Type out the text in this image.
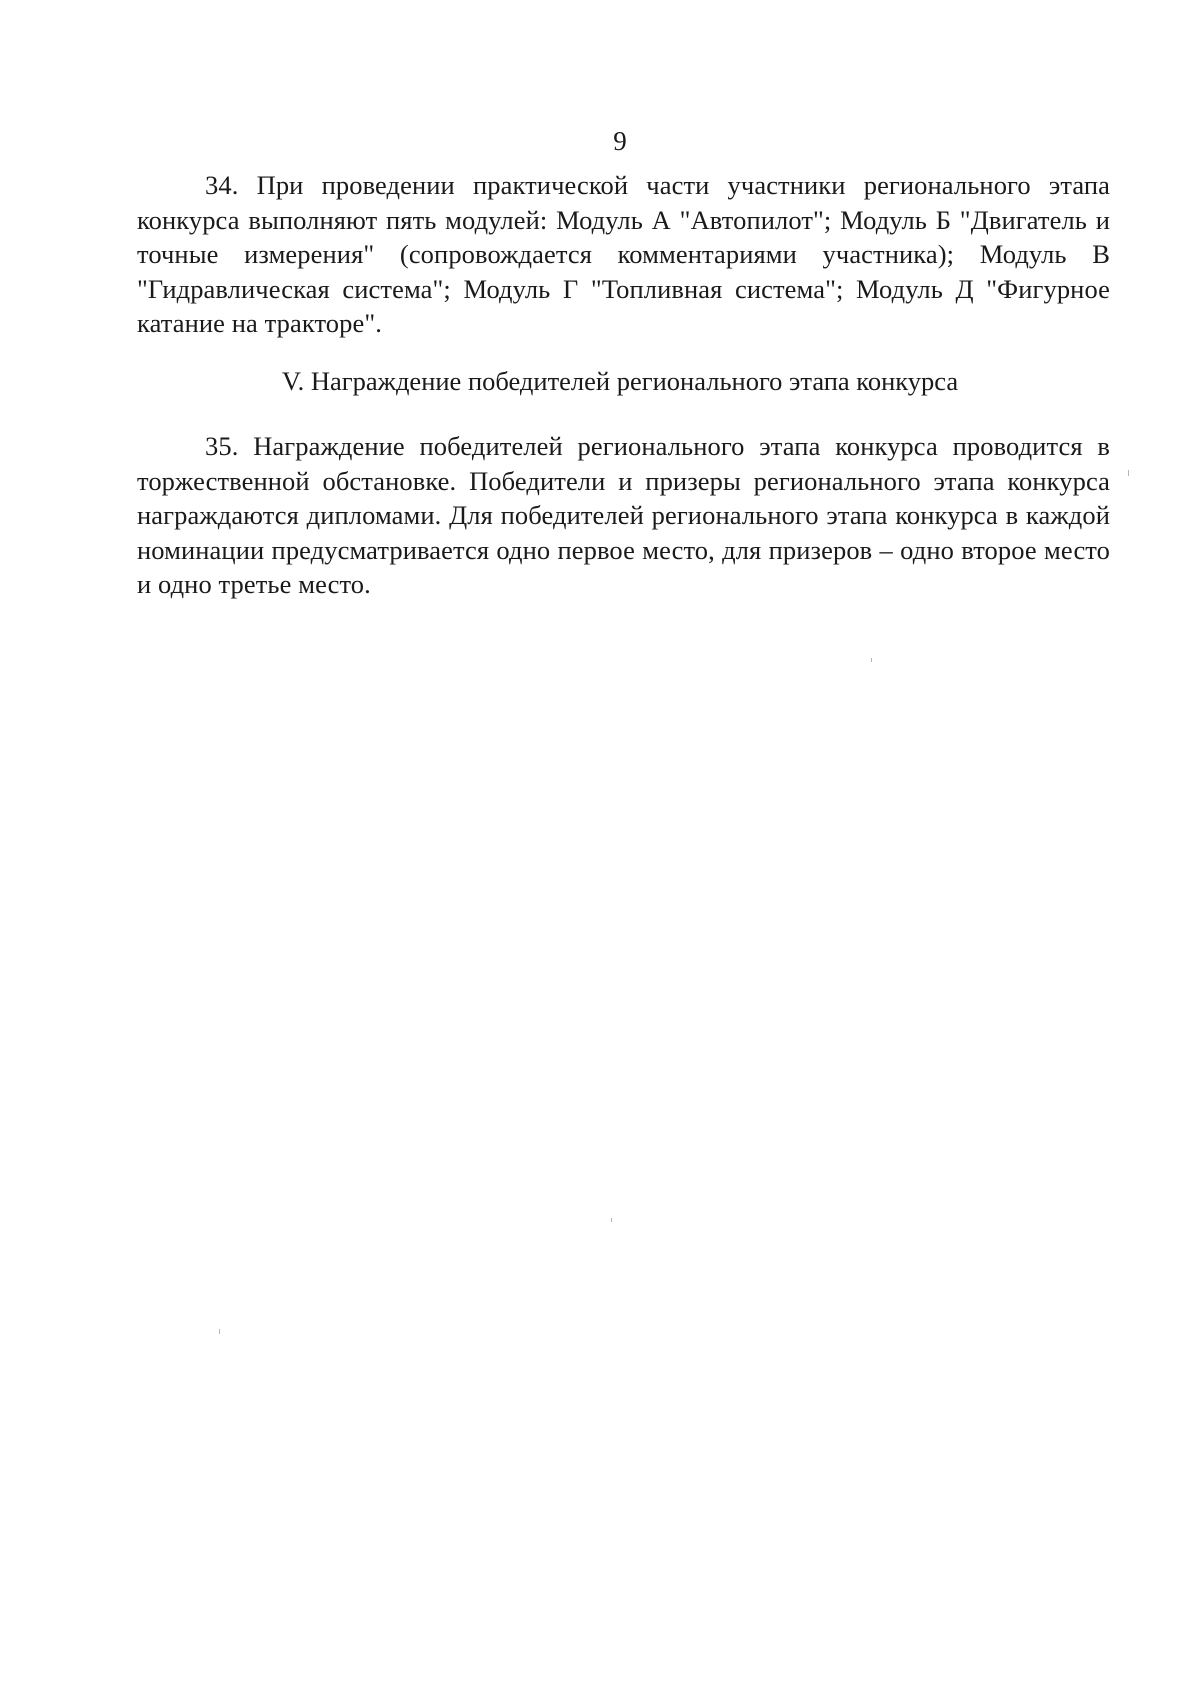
9

34. При проведении практической части участники регионального этапа конкурса выполняют пять модулей: Модуль А "Автопилот"; Модуль Б "Двигатель и точные измерения" (сопровождается комментариями участника); Модуль В "Гидравлическая система"; Модуль Г "Топливная система"; Модуль Д "Фигурное катание на тракторе".

V. Награждение победителей регионального этапа конкурса

35. Награждение победителей регионального этапа конкурса проводится в торжественной обстановке. Победители и призеры регионального этапа конкурса награждаются дипломами. Для победителей регионального этапа конкурса в каждой номинации предусматривается одно первое место, для призеров – одно второе место и одно третье место.
